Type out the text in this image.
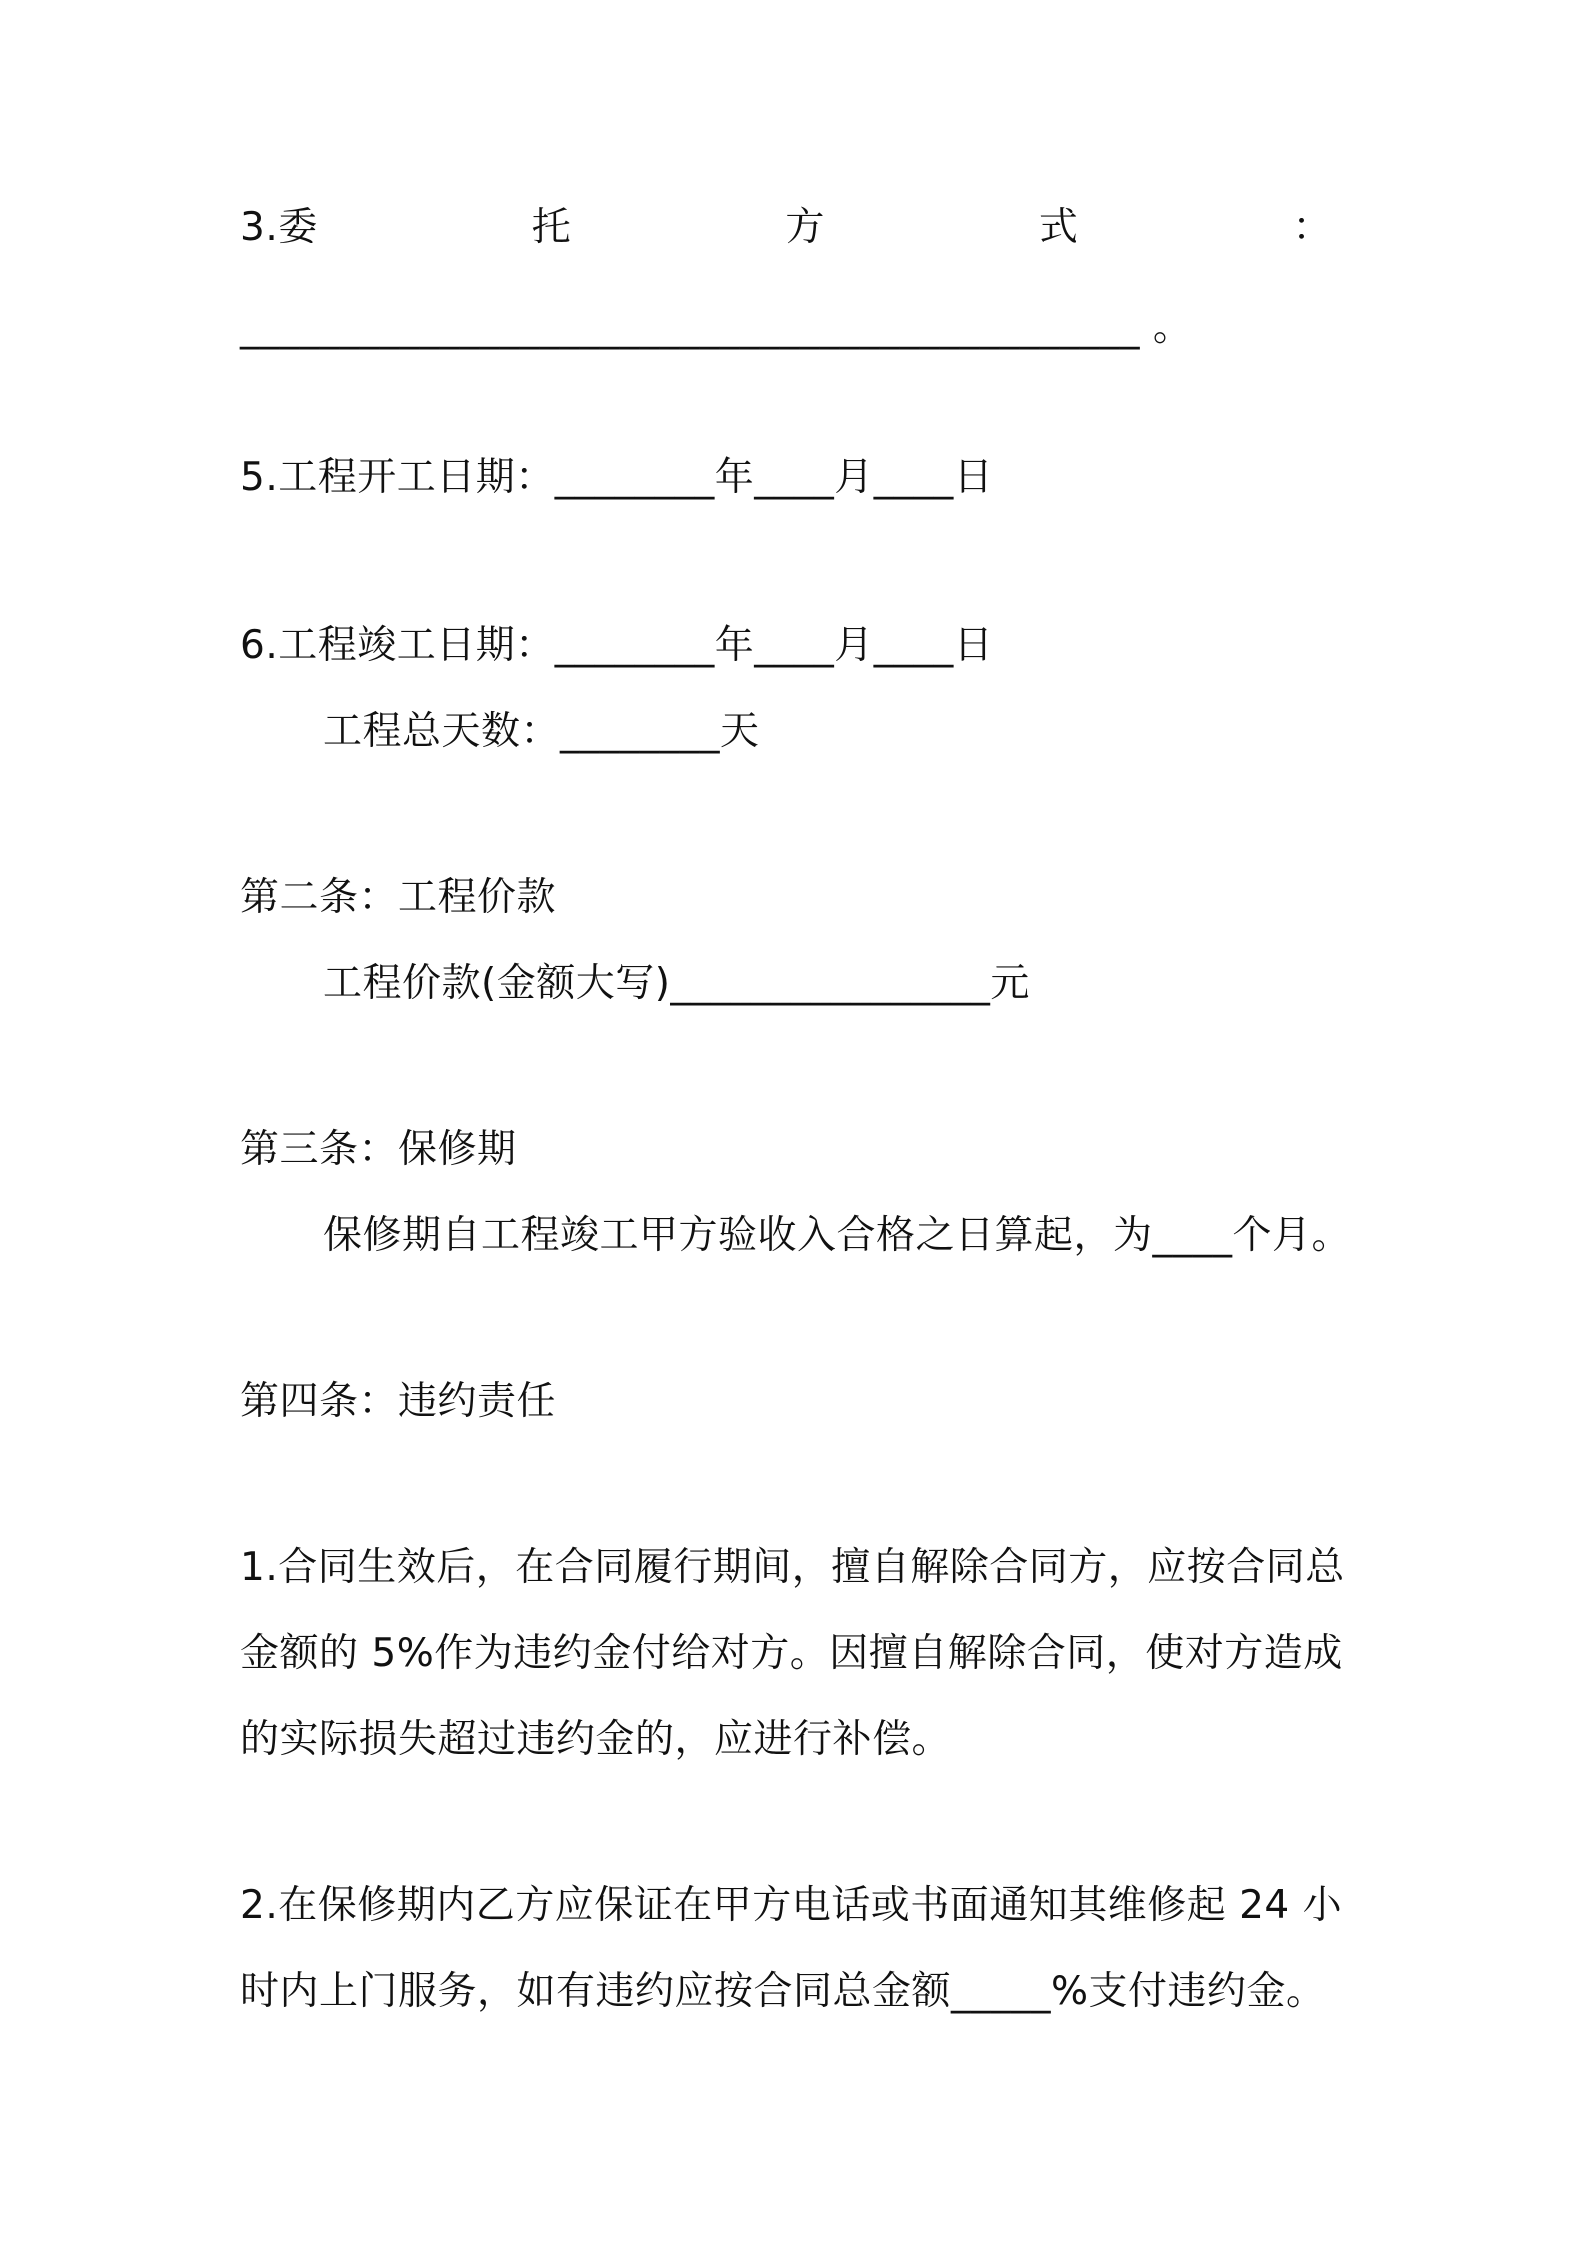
3.委	托	方	式	：
_____________________________________________ 。
5.工程开工日期：________年____月____日
6.工程竣工日期：________年____月____日
工程总天数：________天
第二条：工程价款
工程价款(金额大写)________________元
第三条：保修期
保修期自工程竣工甲方验收入合格之日算起，为____个月。
第四条：违约责任
1.合同生效后，在合同履行期间，擅自解除合同方，应按合同总
金额的 5%作为违约金付给对方。因擅自解除合同，使对方造成
的实际损失超过违约金的，应进行补偿。
2.在保修期内乙方应保证在甲方电话或书面通知其维修起 24 小
时内上门服务，如有违约应按合同总金额_____%支付违约金。
